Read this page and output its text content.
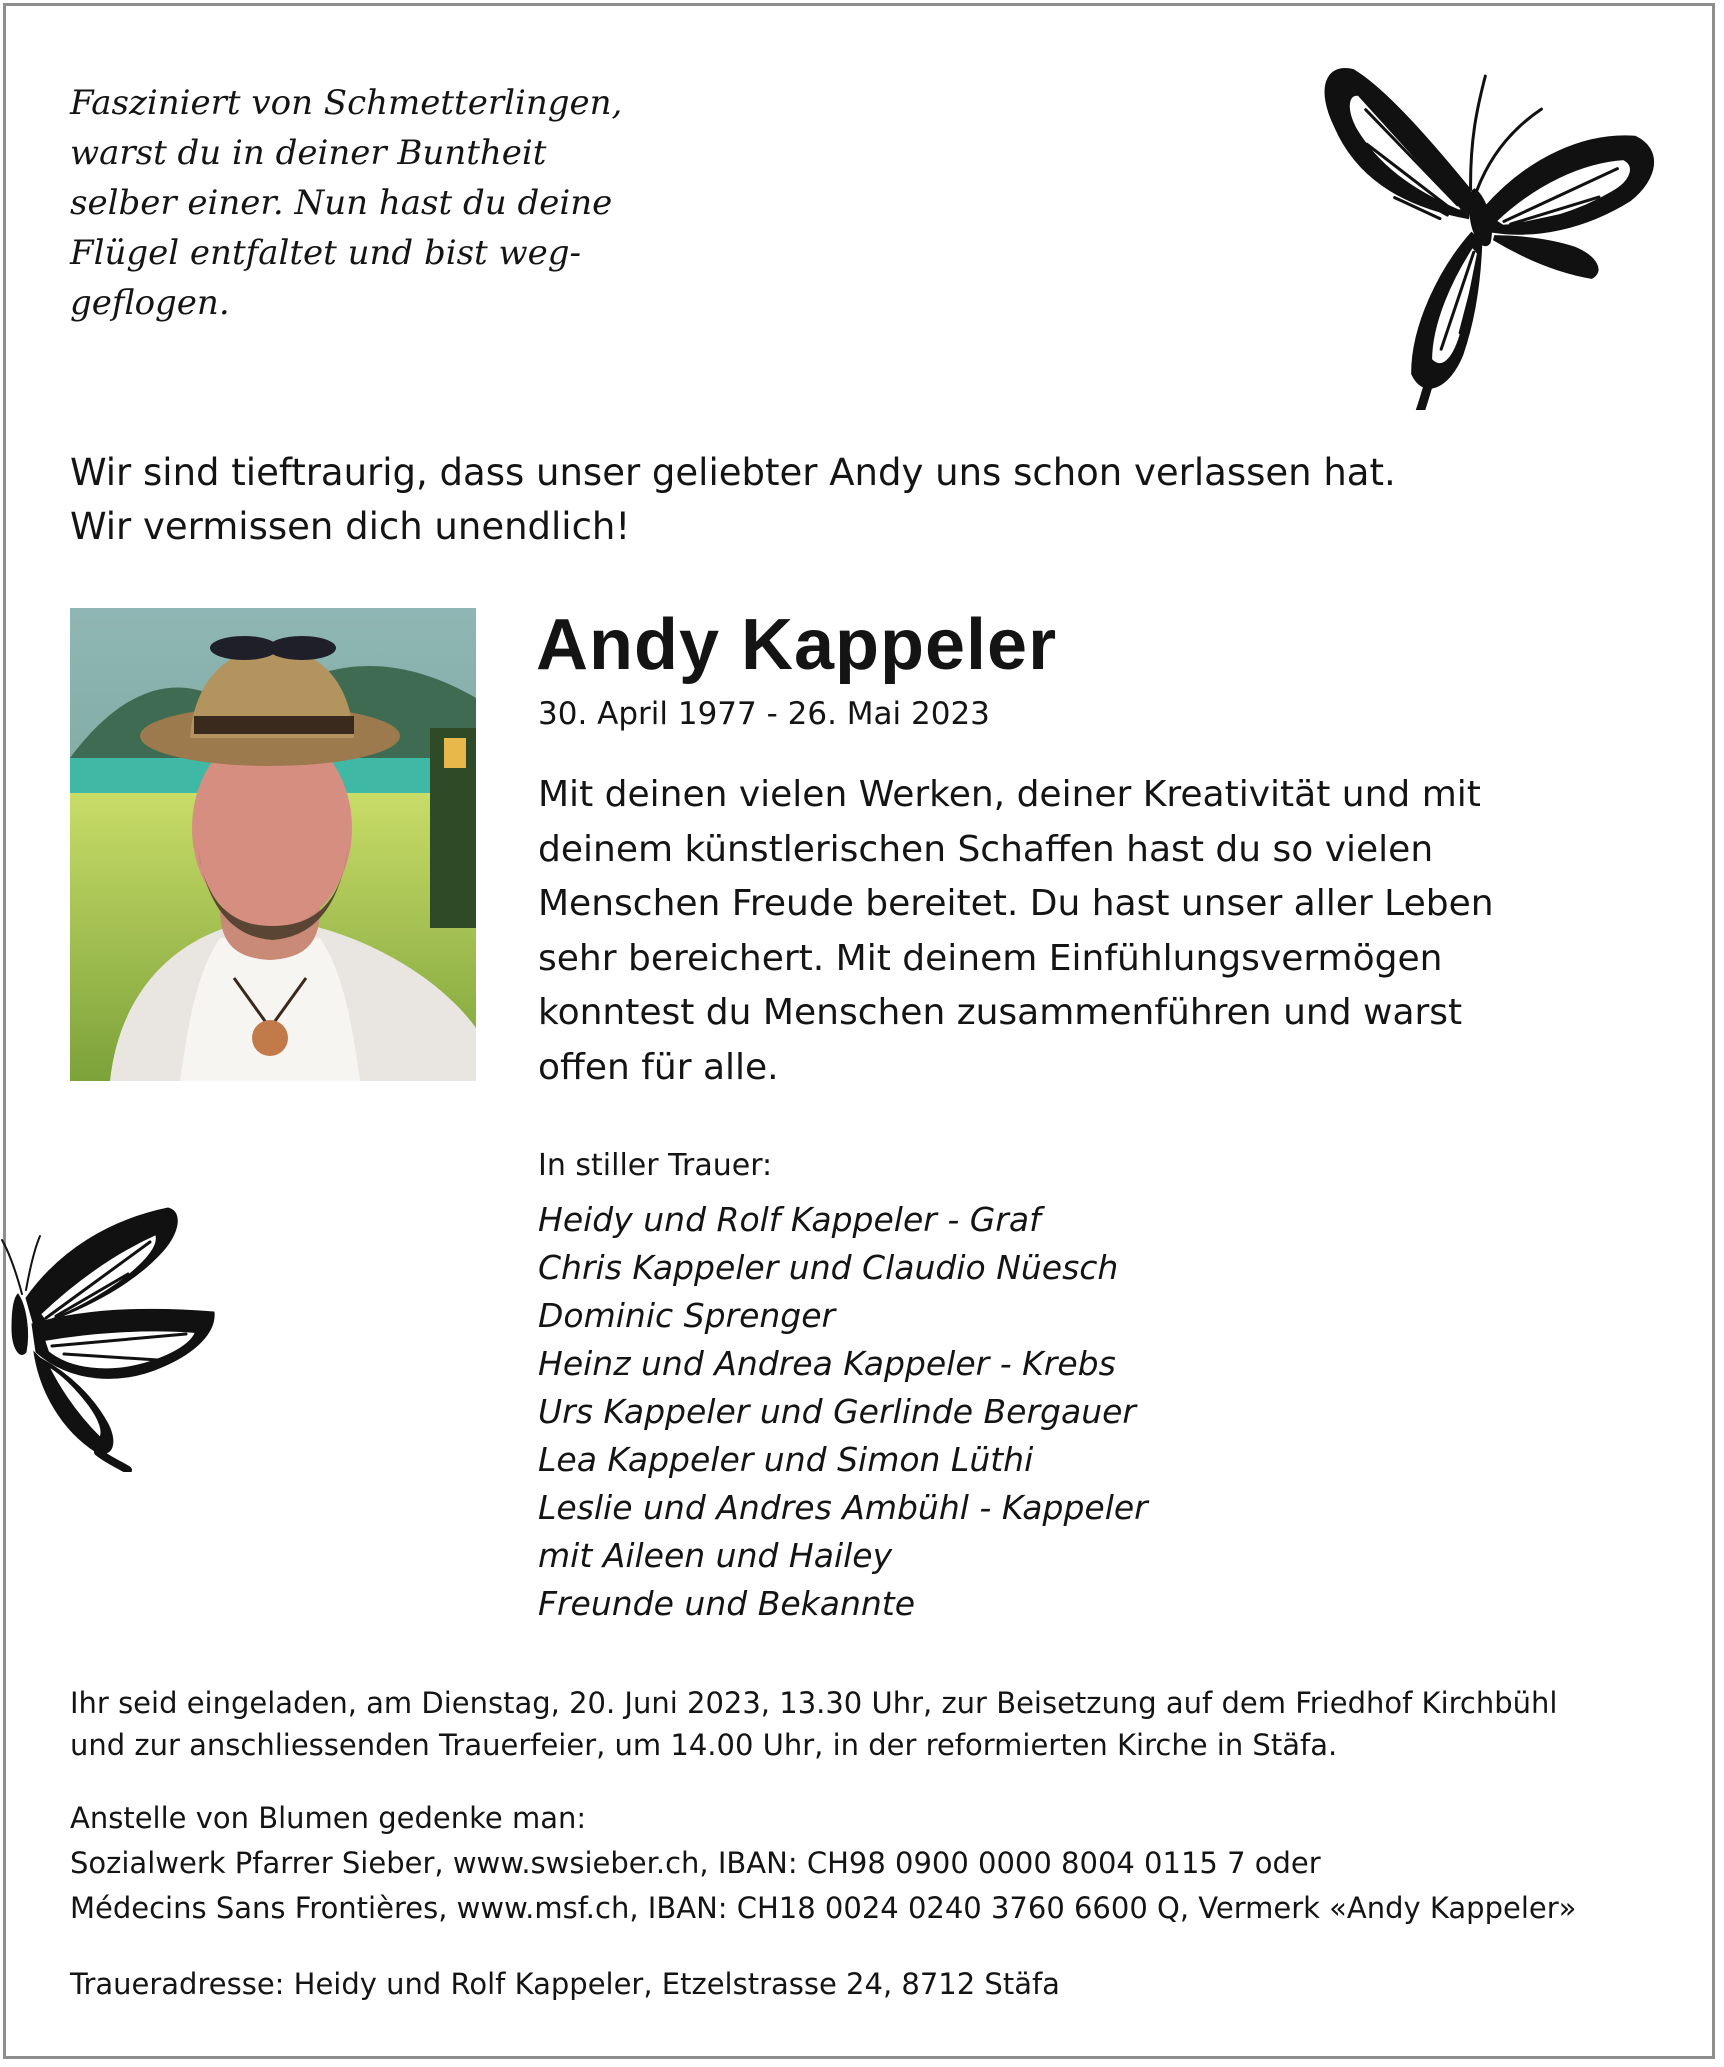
Fasziniert von Schmetterlingen,
warst du in deiner Buntheit
selber einer. Nun hast du deine
Flügel entfaltet und bist weg-
geflogen.

Wir sind tieftraurig, dass unser geliebter Andy uns schon verlassen hat.
Wir vermissen dich unendlich!
Andy Kappeler
30. April 1977 - 26. Mai 2023
Mit deinen vielen Werken, deiner Kreativität und mit
deinem künstlerischen Schaffen hast du so vielen
Menschen Freude bereitet. Du hast unser aller Leben
sehr bereichert. Mit deinem Einfühlungsvermögen
konntest du Menschen zusammenführen und warst
offen für alle.
In stiller Trauer:
Heidy und Rolf Kappeler - Graf
Chris Kappeler und Claudio Nüesch
Dominic Sprenger
Heinz und Andrea Kappeler - Krebs
Urs Kappeler und Gerlinde Bergauer
Lea Kappeler und Simon Lüthi
Leslie und Andres Ambühl - Kappeler
mit Aileen und Hailey
Freunde und Bekannte
Ihr seid eingeladen, am Dienstag, 20. Juni 2023, 13.30 Uhr, zur Beisetzung auf dem Friedhof Kirchbühl
und zur anschliessenden Trauerfeier, um 14.00 Uhr, in der reformierten Kirche in Stäfa.
Anstelle von Blumen gedenke man:
Sozialwerk Pfarrer Sieber, www.swsieber.ch, IBAN: CH98 0900 0000 8004 0115 7 oder
Médecins Sans Frontières, www.msf.ch, IBAN: CH18 0024 0240 3760 6600 Q, Vermerk «Andy Kappeler»
Traueradresse: Heidy und Rolf Kappeler, Etzelstrasse 24, 8712 Stäfa
